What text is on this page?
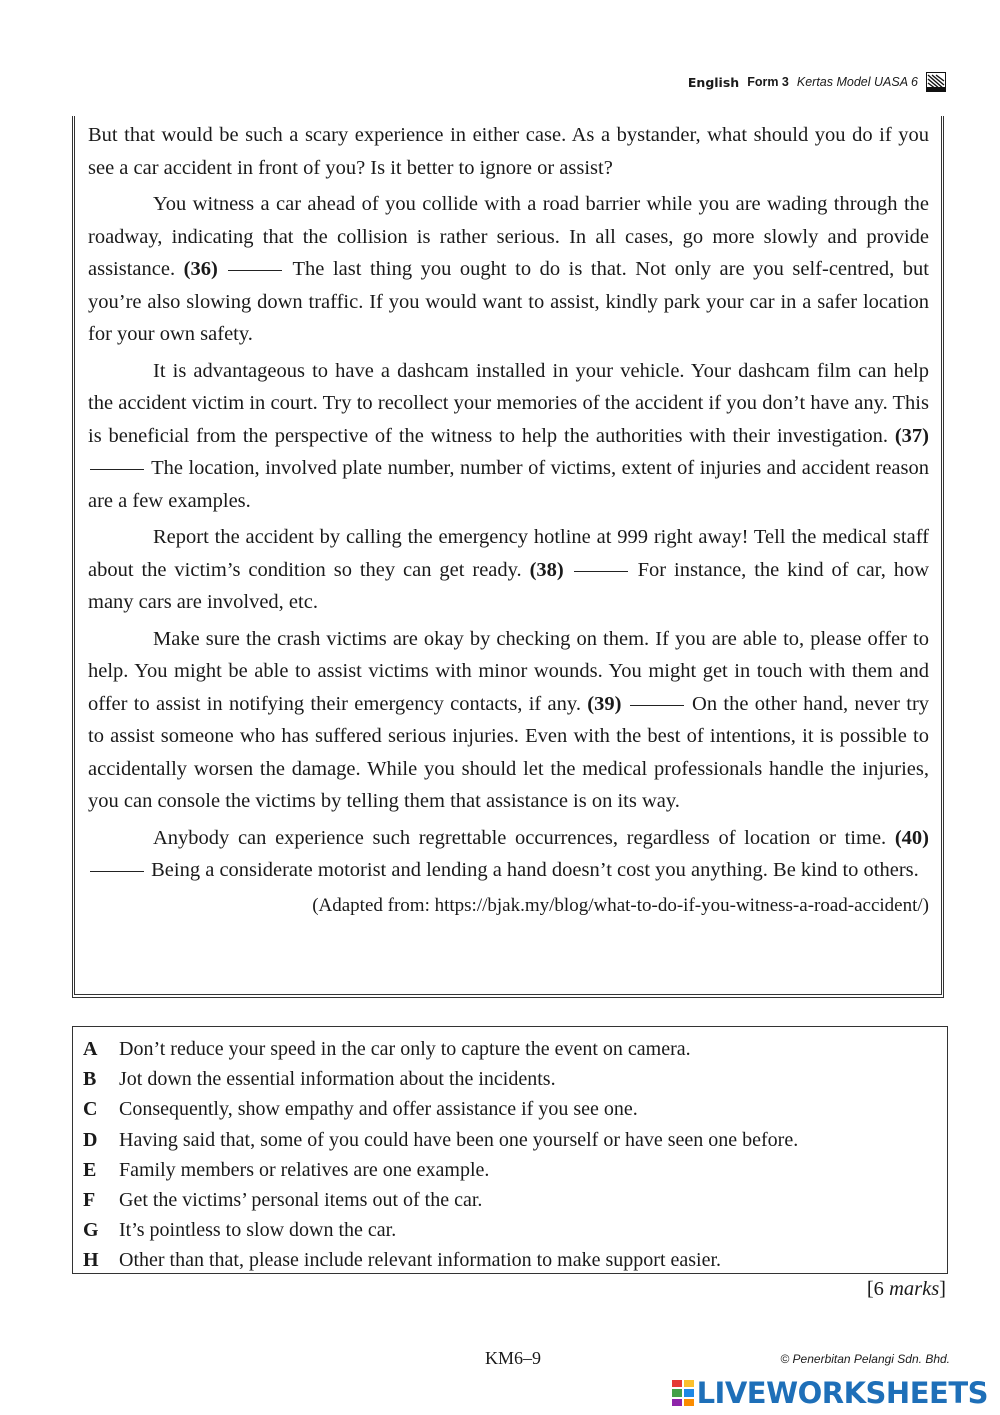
English Form 3 Kertas Model UASA 6

But that would be such a scary experience in either case. As a bystander, what should you do if you see a car accident in front of you? Is it better to ignore or assist?

You witness a car ahead of you collide with a road barrier while you are wading through the roadway, indicating that the collision is rather serious. In all cases, go more slowly and provide assistance. (36)	The last thing you ought to do is that. Not only are you self-centred, but you’re also slowing down traffic. If you would want to assist, kindly park your car in a safer location for your own safety.

It is advantageous to have a dashcam installed in your vehicle. Your dashcam film can help the accident victim in court. Try to recollect your memories of the accident if you don’t have any. This is beneficial from the perspective of the witness to help the authorities with their investigation. (37)  The location, involved plate number, number of victims, extent of injuries and accident reason are a few examples.

Report the accident by calling the emergency hotline at 999 right away! Tell the medical staff about the victim’s condition so they can get ready. (38)	For instance, the kind of car, how many cars are involved, etc.

Make sure the crash victims are okay by checking on them. If you are able to, please offer to help. You might be able to assist victims with minor wounds. You might get in touch with them and offer to assist in notifying their emergency contacts, if any. (39)	On the other hand, never try to assist someone who has suffered serious injuries. Even with the best of intentions, it is possible to accidentally worsen the damage. While you should let the medical professionals handle the injuries, you can console the victims by telling them that assistance is on its way.

Anybody can experience such regrettable occurrences, regardless of location or time. (40)  Being a considerate motorist and lending a hand doesn’t cost you anything. Be kind to others.

(Adapted from: https://bjak.my/blog/what-to-do-if-you-witness-a-road-accident/)
A	Don’t reduce your speed in the car only to capture the event on camera.
B	Jot down the essential information about the incidents.
C	Consequently, show empathy and offer assistance if you see one.
D	Having said that, some of you could have been one yourself or have seen one before.
E	Family members or relatives are one example.
F	Get the victims’ personal items out of the car.
G	It’s pointless to slow down the car.
H	Other than that, please include relevant information to make support easier.
[6 marks]
KM6–9	© Penerbitan Pelangi Sdn. Bhd.
LIVEWORKSHEETS
